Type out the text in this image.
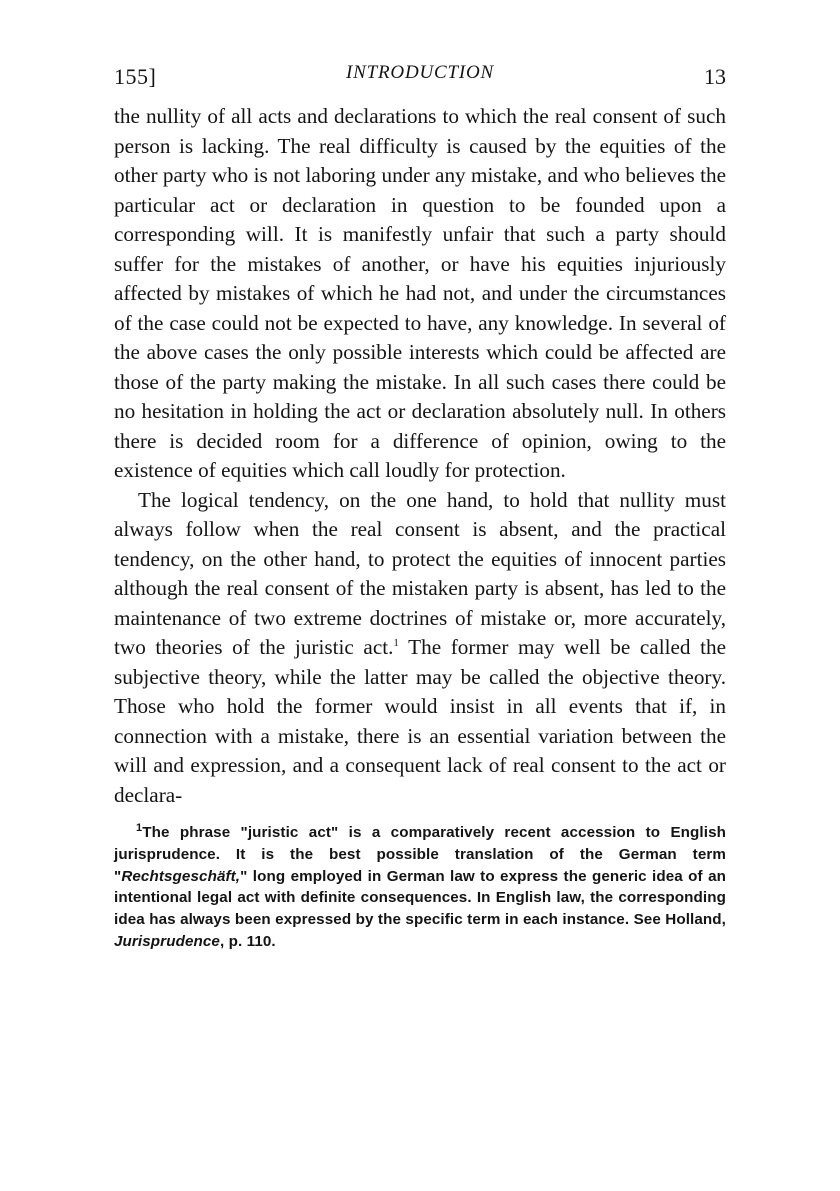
155]	INTRODUCTION	13

the nullity of all acts and declarations to which the real consent of such person is lacking. The real difficulty is caused by the equities of the other party who is not laboring under any mistake, and who believes the particular act or declaration in question to be founded upon a corresponding will. It is manifestly unfair that such a party should suffer for the mistakes of another, or have his equities injuriously affected by mistakes of which he had not, and under the circumstances of the case could not be expected to have, any knowledge. In several of the above cases the only possible interests which could be affected are those of the party making the mistake. In all such cases there could be no hesitation in holding the act or declaration absolutely null. In others there is decided room for a difference of opinion, owing to the existence of equities which call loudly for protection.

The logical tendency, on the one hand, to hold that nullity must always follow when the real consent is absent, and the practical tendency, on the other hand, to protect the equities of innocent parties although the real consent of the mistaken party is absent, has led to the maintenance of two extreme doctrines of mistake or, more accurately, two theories of the juristic act.$^1$ The former may well be called the subjective theory, while the latter may be called the objective theory. Those who hold the former would insist in all events that if, in connection with a mistake, there is an essential variation between the will and expression, and a consequent lack of real consent to the act or declara-

$^1$The phrase "juristic act" is a comparatively recent accession to English jurisprudence. It is the best possible translation of the German term "Rechtsgeschäft," long employed in German law to express the generic idea of an intentional legal act with definite consequences. In English law, the corresponding idea has always been expressed by the specific term in each instance. See Holland, Jurisprudence, p. 110.
